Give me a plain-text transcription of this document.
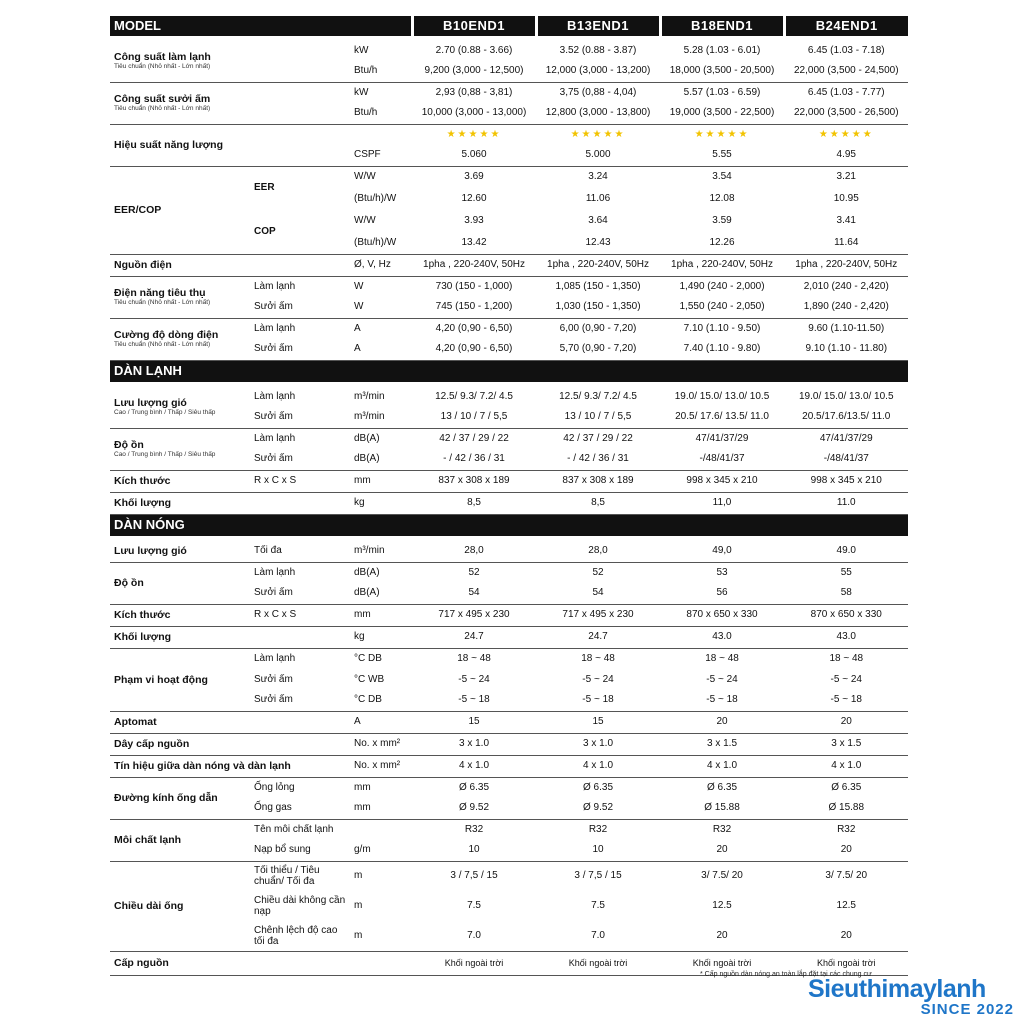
MODEL			B10END1	B13END1	B18END1	B24END1

Công suất làm lạnh
Tiêu chuẩn (Nhỏ nhất - Lớn nhất)		kW	2.70 (0.88 - 3.66)	3.52 (0.88 - 3.87)	5.28 (1.03 - 6.01)	6.45 (1.03 - 7.18)
		Btu/h	9,200 (3,000 - 12,500)	12,000 (3,000 - 13,200)	18,000 (3,500 - 20,500)	22,000 (3,500 - 24,500)
Công suất sưởi ấm
Tiêu chuẩn (Nhỏ nhất - Lớn nhất)		kW	2,93 (0,88 - 3,81)	3,75 (0,88 - 4,04)	5.57 (1.03 - 6.59)	6.45 (1.03 - 7.77)
		Btu/h	10,000 (3,000 - 13,000)	12,800 (3,000 - 13,800)	19,000 (3,500 - 22,500)	22,000 (3,500 - 26,500)
Hiệu suất năng lượng			★★★★★	★★★★★	★★★★★	★★★★★
		CSPF	5.060	5.000	5.55	4.95
EER/COP	EER	W/W	3.69	3.24	3.54	3.21
		(Btu/h)/W	12.60	11.06	12.08	10.95
	COP	W/W	3.93	3.64	3.59	3.41
		(Btu/h)/W	13.42	12.43	12.26	11.64
Nguồn điện		Ø, V, Hz	1pha , 220-240V, 50Hz	1pha , 220-240V, 50Hz	1pha , 220-240V, 50Hz	1pha , 220-240V, 50Hz
Điện năng tiêu thụ
Tiêu chuẩn (Nhỏ nhất - Lớn nhất)	Làm lạnh	W	730 (150 - 1,000)	1,085 (150 - 1,350)	1,490 (240 - 2,000)	2,010 (240 - 2,420)
	Sưởi ấm	W	745 (150 - 1,200)	1,030 (150 - 1,350)	1,550 (240 - 2,050)	1,890 (240 - 2,420)
Cường độ dòng điện
Tiêu chuẩn (Nhỏ nhất - Lớn nhất)	Làm lạnh	A	4,20 (0,90 - 6,50)	6,00 (0,90 - 7,20)	7.10 (1.10 - 9.50)	9.60 (1.10-11.50)
	Sưởi ấm	A	4,20 (0,90 - 6,50)	5,70 (0,90 - 7,20)	7.40 (1.10 - 9.80)	9.10 (1.10 - 11.80)
DÀN LẠNH						

Lưu lượng gió
Cao / Trung bình / Thấp / Siêu thấp	Làm lạnh	m³/min	12.5/ 9.3/ 7.2/ 4.5	12.5/ 9.3/ 7.2/ 4.5	19.0/ 15.0/ 13.0/ 10.5	19.0/ 15.0/ 13.0/ 10.5
	Sưởi ấm	m³/min	13 / 10 / 7 / 5,5	13 / 10 / 7 / 5,5	20.5/ 17.6/ 13.5/ 11.0	20.5/17.6/13.5/ 11.0
Độ ồn
Cao / Trung bình / Thấp / Siêu thấp	Làm lạnh	dB(A)	42 / 37 / 29 / 22	42 / 37 / 29 / 22	47/41/37/29	47/41/37/29
	Sưởi ấm	dB(A)	- / 42 / 36 / 31	- / 42 / 36 / 31	-/48/41/37	-/48/41/37
Kích thước	R x C x S	mm	837 x 308 x 189	837 x 308 x 189	998 x 345 x 210	998 x 345 x 210
Khối lượng		kg	8,5	8,5	11,0	11.0
DÀN NÓNG						

Lưu lượng gió	Tối đa	m³/min	28,0	28,0	49,0	49.0
Độ ồn	Làm lạnh	dB(A)	52	52	53	55
	Sưởi ấm	dB(A)	54	54	56	58
Kích thước	R x C x S	mm	717 x 495 x 230	717 x 495 x 230	870 x 650 x 330	870 x 650 x 330
Khối lượng		kg	24.7	24.7	43.0	43.0
Phạm vi hoạt động	Làm lạnh	°C DB	18 ~ 48	18 ~ 48	18 ~ 48	18 ~ 48
	Sưởi ấm	°C WB	-5 ~ 24	-5 ~ 24	-5 ~ 24	-5 ~ 24
	Sưởi ấm	°C DB	-5 ~ 18	-5 ~ 18	-5 ~ 18	-5 ~ 18
Aptomat		A	15	15	20	20
Dây cấp nguồn		No. x mm²	3 x 1.0	3 x 1.0	3 x 1.5	3 x 1.5
Tín hiệu giữa dàn nóng và dàn lạnh		No. x mm²	4 x 1.0	4 x 1.0	4 x 1.0	4 x 1.0
Đường kính ống dẫn	Ống lỏng	mm	Ø 6.35	Ø 6.35	Ø 6.35	Ø 6.35
	Ống gas	mm	Ø 9.52	Ø 9.52	Ø 15.88	Ø 15.88
Môi chất lạnh	Tên môi chất lạnh		R32	R32	R32	R32
	Nạp bổ sung	g/m	10	10	20	20
Chiều dài ống	Tối thiểu / Tiêu chuẩn/ Tối đa	m	3 / 7,5 / 15	3 / 7,5 / 15	3/ 7.5/ 20	3/ 7.5/ 20
	Chiều dài không cần nạp	m	7.5	7.5	12.5	12.5
	Chênh lệch độ cao tối đa	m	7.0	7.0	20	20
Cấp nguồn			Khối ngoài trời	Khối ngoài trời	Khối ngoài trời	Khối ngoài trời
* Cấp nguồn dàn nóng an toàn lắp đặt tại các chung cư
Sieuthimaylanh
SINCE 2022
